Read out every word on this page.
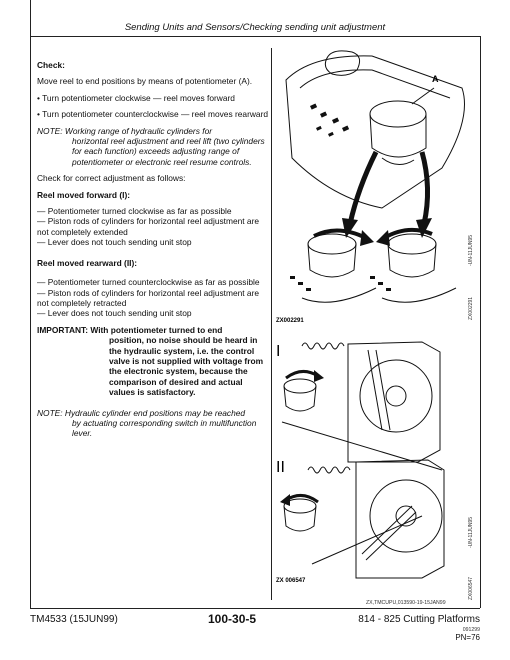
Sending Units and Sensors/Checking sending unit adjustment

Check:

Move reel to end positions by means of potentiometer (A).

• Turn potentiometer clockwise — reel moves forward

• Turn potentiometer counterclockwise — reel moves rearward

NOTE: Working range of hydraulic cylinders for
horizontal reel adjustment and reel lift (two cylinders for each function) exceeds adjusting range of potentiometer or electronic reel resume controls.

Check for correct adjustment as follows:

Reel moved forward (I):

— Potentiometer turned clockwise as far as possible
— Piston rods of cylinders for horizontal reel adjustment are not completely extended
— Lever does not touch sending unit stop

Reel moved rearward (II):

— Potentiometer turned counterclockwise as far as possible
— Piston rods of cylinders for horizontal reel adjustment are not completely retracted
— Lever does not touch sending unit stop

IMPORTANT: With potentiometer turned to end
position, no noise should be heard in the hydraulic system, i.e. the control valve is not supplied with voltage from the electronic system, because the comparison of desired and actual values is satisfactory.

NOTE: Hydraulic cylinder end positions may be reached
by actuating corresponding switch in multifunction lever.

A
ZX002291
-UN-11JUN95
ZX002291
I
II
ZX 006547
-UN-11JUN95
ZX006547
ZX,TMCUPU,013590-19-15JAN99
TM4533 (15JUN99)	100-30-5	814 - 825 Cutting Platforms
091299
PN=76
